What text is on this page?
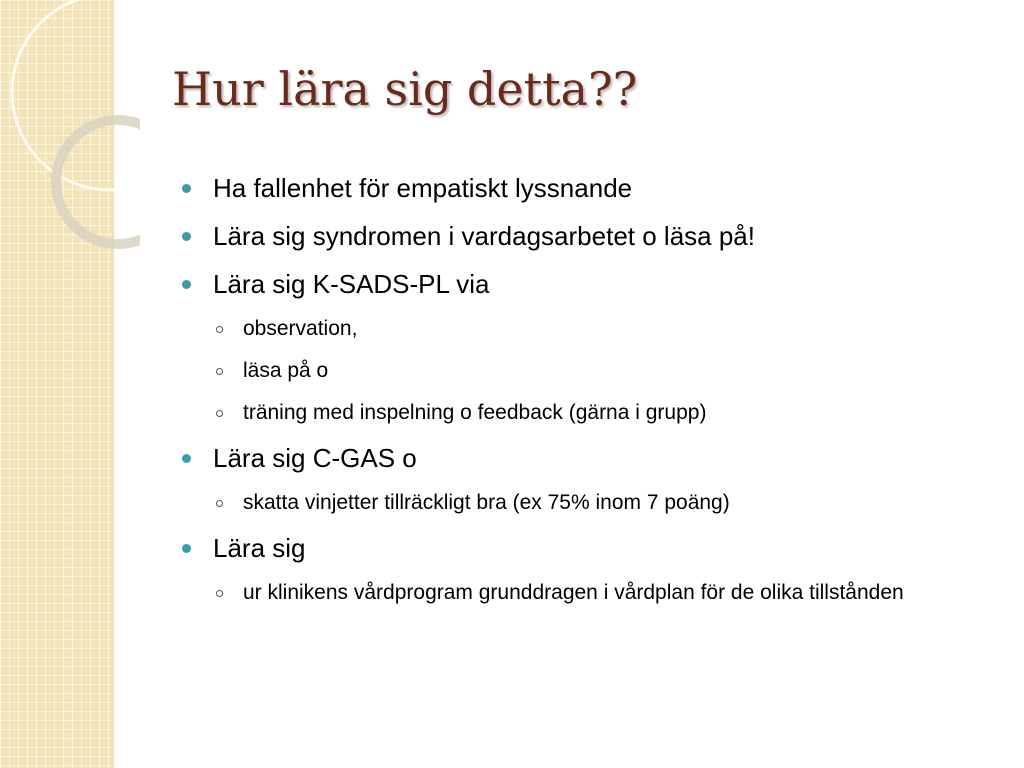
Hur lära sig detta??
Ha fallenhet för empatiskt lyssnande
Lära sig syndromen i vardagsarbetet o läsa på!
Lära sig K-SADS-PL via
observation,
läsa på o
träning med inspelning o feedback (gärna i grupp)
Lära sig C-GAS o
skatta vinjetter tillräckligt bra (ex 75% inom 7 poäng)
Lära sig
ur klinikens vårdprogram grunddragen i vårdplan för de olika tillstånden
